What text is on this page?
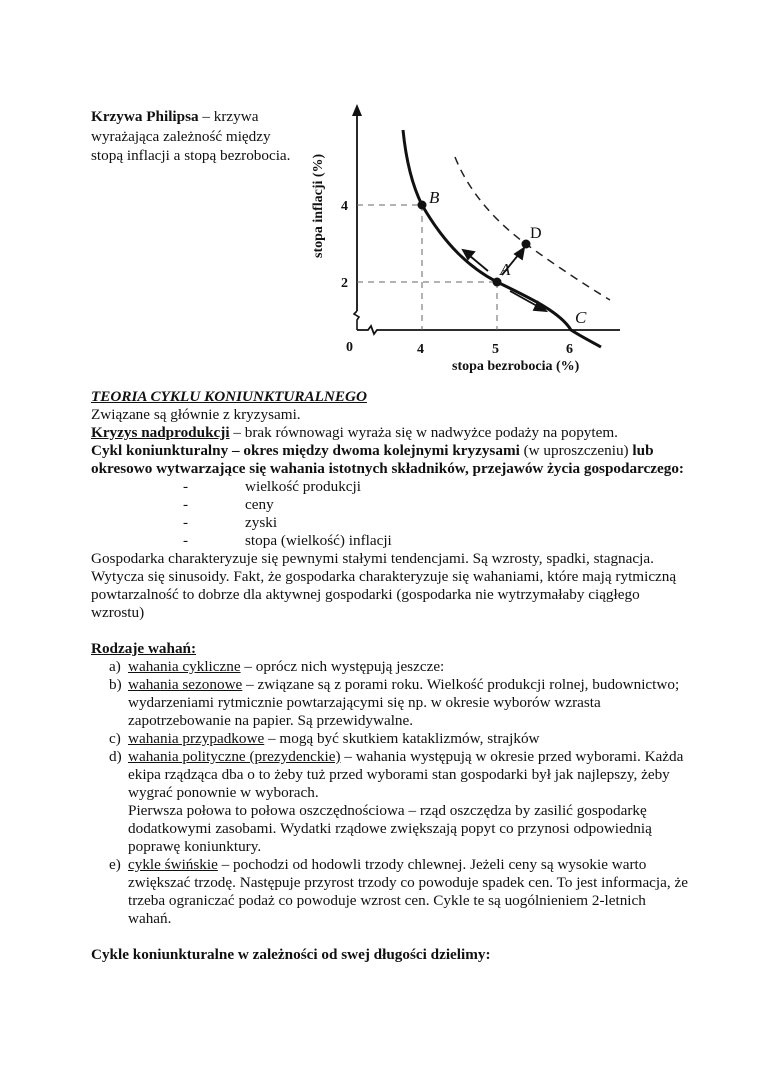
Krzywa Philipsa – krzywa wyrażająca zależność między stopą inflacji a stopą bezrobocia.
B
A
D
C
0	4	5	6
4
2
stopa bezrobocia (%)
stopa inflacji (%)

TEORIA CYKLU KONIUNKTURALNEGO

Związane są głównie z kryzysami.

Kryzys nadprodukcji – brak równowagi wyraża się w nadwyżce podaży na popytem.

Cykl koniunkturalny – okres między dwoma kolejnymi kryzysami (w uproszczeniu) lub okresowo wytwarzające się wahania istotnych składników, przejawów życia gospodarczego:

-	wielkość produkcji
-	ceny
-	zyski
-	stopa (wielkość) inflacji

Gospodarka charakteryzuje się pewnymi stałymi tendencjami. Są wzrosty, spadki, stagnacja. Wytycza się sinusoidy. Fakt, że gospodarka charakteryzuje się wahaniami, które mają rytmiczną powtarzalność to dobrze dla aktywnej gospodarki (gospodarka nie wytrzymałaby ciągłego wzrostu)

Rodzaje wahań:

a) wahania cykliczne – oprócz nich występują jeszcze:
b) wahania sezonowe – związane są z porami roku. Wielkość produkcji rolnej, budownictwo; wydarzeniami rytmicznie powtarzającymi się np. w okresie wyborów wzrasta zapotrzebowanie na papier. Są przewidywalne.
c) wahania przypadkowe – mogą być skutkiem kataklizmów, strajków
d) wahania polityczne (prezydenckie) – wahania występują w okresie przed wyborami. Każda ekipa rządząca dba o to żeby tuż przed wyborami stan gospodarki był jak najlepszy, żeby wygrać ponownie w wyborach.
Pierwsza połowa to połowa oszczędnościowa – rząd oszczędza by zasilić gospodarkę dodatkowymi zasobami. Wydatki rządowe zwiększają popyt co przynosi odpowiednią poprawę koniunktury.
e) cykle świńskie – pochodzi od hodowli trzody chlewnej. Jeżeli ceny są wysokie warto zwiększać trzodę. Następuje przyrost trzody co powoduje spadek cen. To jest informacja, że trzeba ograniczać podaż co powoduje wzrost cen. Cykle te są uogólnieniem 2-letnich wahań.

Cykle koniunkturalne w zależności od swej długości dzielimy:
